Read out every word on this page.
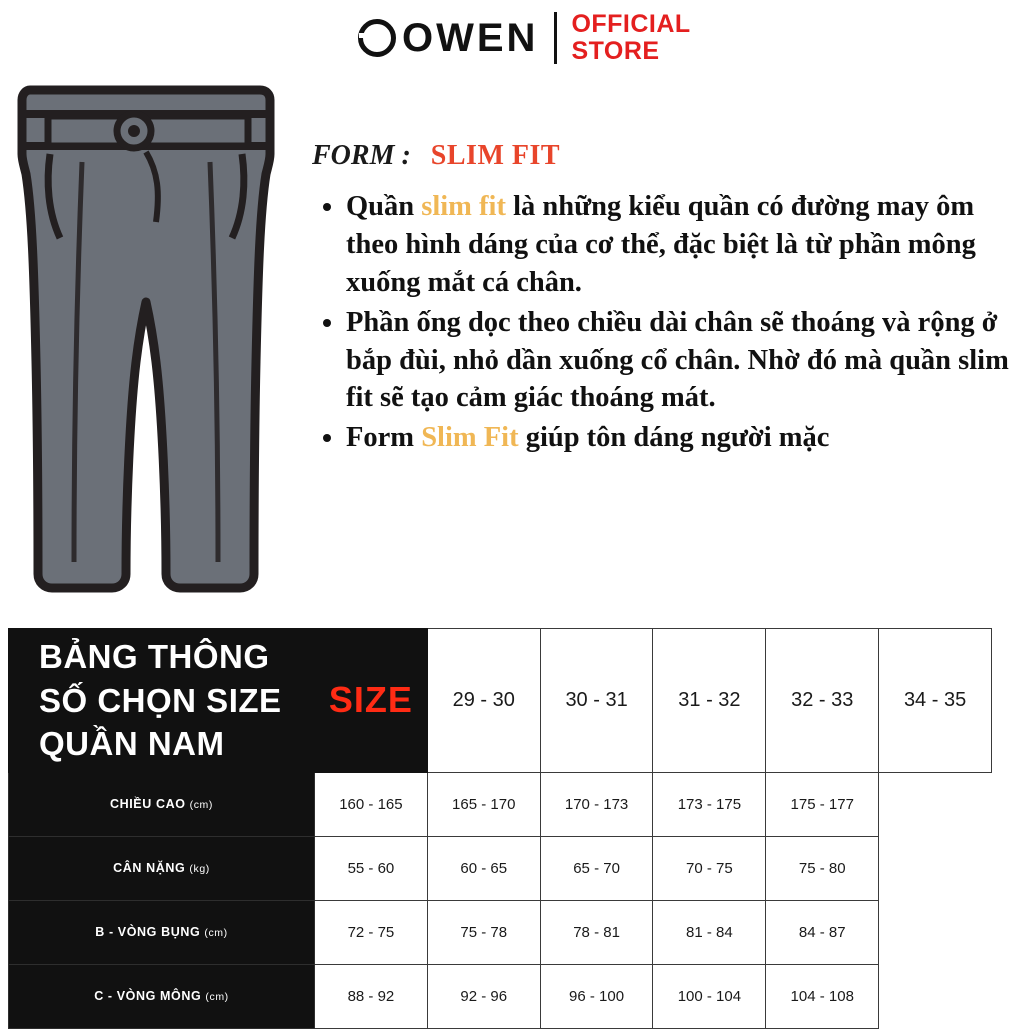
OWEN OFFICIAL
STORE
FORM : SLIM FIT
• Quần slim fit là những kiểu quần có đường may ôm theo hình dáng của cơ thể, đặc biệt là từ phần mông xuống mắt cá chân.
• Phần ống dọc theo chiều dài chân sẽ thoáng và rộng ở bắp đùi, nhỏ dần xuống cổ chân. Nhờ đó mà quần slim fit sẽ tạo cảm giác thoáng mát.
• Form Slim Fit giúp tôn dáng người mặc
BẢNG THÔNG SỐ CHỌN SIZE QUẦN NAM	SIZE	29 - 30	30 - 31	31 - 32	32 - 33	34 - 35
CHIỀU CAO (cm)	160 - 165	165 - 170	170 - 173	173 - 175	175 - 177	
CÂN NẶNG (kg)	55 - 60	60 - 65	65 - 70	70 - 75	75 - 80	
B - VÒNG BỤNG (cm)	72 - 75	75 - 78	78 - 81	81 - 84	84 - 87	
C - VÒNG MÔNG (cm)	88 - 92	92 - 96	96 - 100	100 - 104	104 - 108	
